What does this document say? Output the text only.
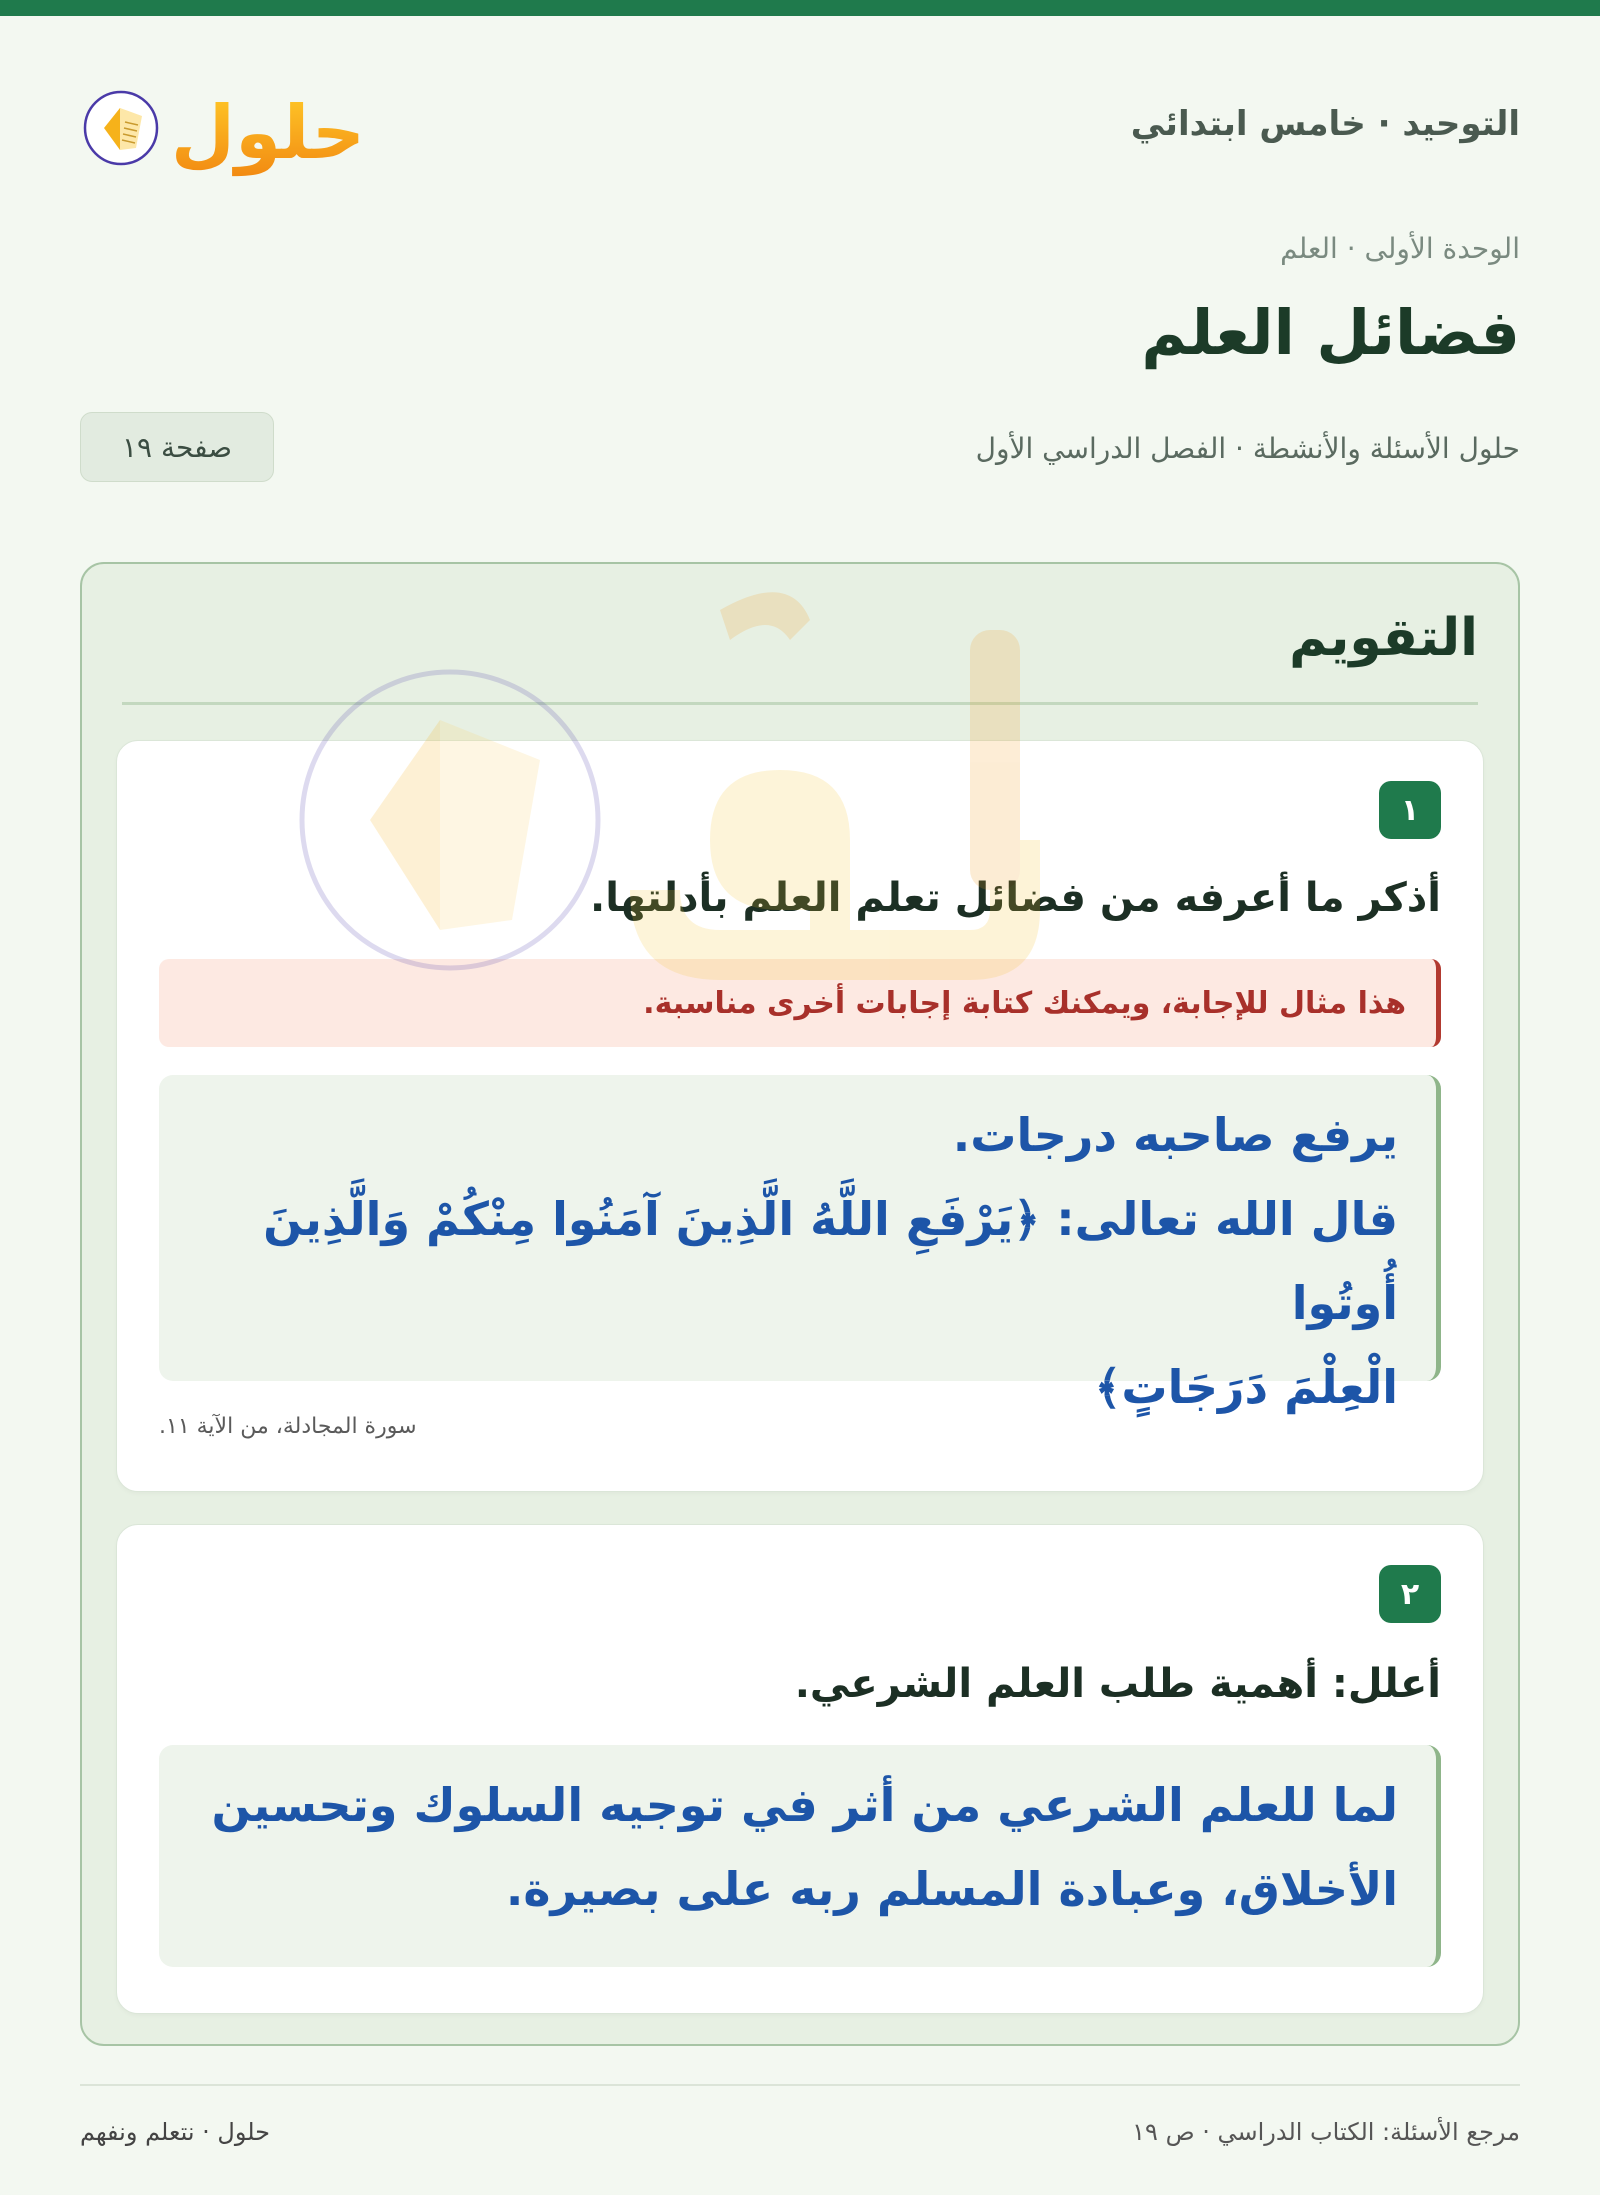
التوحيد · خامس ابتدائي
حلول
الوحدة الأولى · العلم
فضائل العلم
حلول الأسئلة والأنشطة · الفصل الدراسي الأول
صفحة ١٩
التقويم
١
أذكر ما أعرفه من فضائل تعلم العلم بأدلتها.
هذا مثال للإجابة، ويمكنك كتابة إجابات أخرى مناسبة.
يرفع صاحبه درجات.
قال الله تعالى: ﴿يَرْفَعِ اللَّهُ الَّذِينَ آمَنُوا مِنْكُمْ وَالَّذِينَ أُوتُوا
الْعِلْمَ دَرَجَاتٍ﴾
سورة المجادلة، من الآية ١١.
٢
أعلل: أهمية طلب العلم الشرعي.
لما للعلم الشرعي من أثر في توجيه السلوك وتحسين
الأخلاق، وعبادة المسلم ربه على بصيرة.
مرجع الأسئلة: الكتاب الدراسي · ص ١٩
حلول · نتعلم ونفهم
